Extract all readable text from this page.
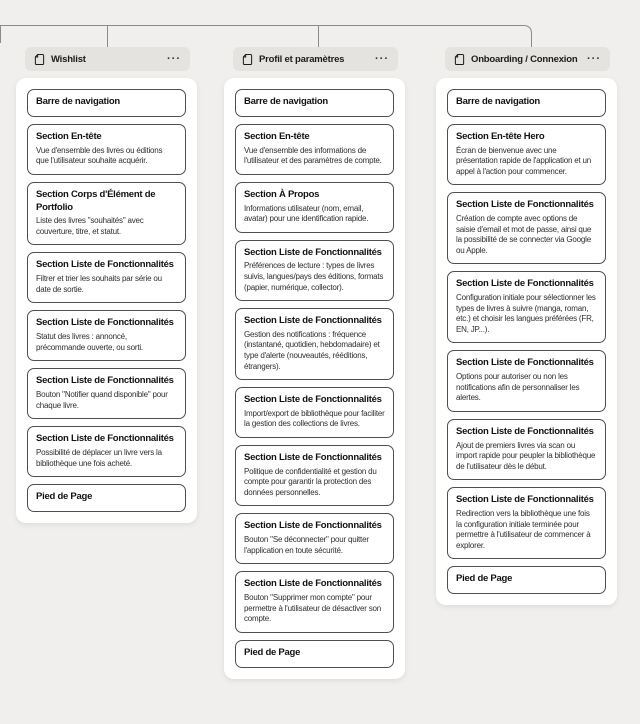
Wishlist	···
Barre de navigation
Section En-tête
Vue d'ensemble des livres ou éditions que l'utilisateur souhaite acquérir.
Section Corps d'Élément de Portfolio
Liste des livres "souhaités" avec couverture, titre, et statut.
Section Liste de Fonctionnalités
Filtrer et trier les souhaits par série ou date de sortie.
Section Liste de Fonctionnalités
Statut des livres : annoncé, précommande ouverte, ou sorti.
Section Liste de Fonctionnalités
Bouton "Notifier quand disponible" pour chaque livre.
Section Liste de Fonctionnalités
Possibilité de déplacer un livre vers la bibliothèque une fois acheté.
Pied de Page
Profil et paramètres	···
Barre de navigation
Section En-tête
Vue d'ensemble des informations de l'utilisateur et des paramètres de compte.
Section À Propos
Informations utilisateur (nom, email, avatar) pour une identification rapide.
Section Liste de Fonctionnalités
Préférences de lecture : types de livres suivis, langues/pays des éditions, formats (papier, numérique, collector).
Section Liste de Fonctionnalités
Gestion des notifications : fréquence (instantané, quotidien, hebdomadaire) et type d'alerte (nouveautés, rééditions, étrangers).
Section Liste de Fonctionnalités
Import/export de bibliothèque pour faciliter la gestion des collections de livres.
Section Liste de Fonctionnalités
Politique de confidentialité et gestion du compte pour garantir la protection des données personnelles.
Section Liste de Fonctionnalités
Bouton "Se déconnecter" pour quitter l'application en toute sécurité.
Section Liste de Fonctionnalités
Bouton "Supprimer mon compte" pour permettre à l'utilisateur de désactiver son compte.
Pied de Page
Onboarding / Connexion ···
Barre de navigation
Section En-tête Hero
Écran de bienvenue avec une présentation rapide de l'application et un appel à l'action pour commencer.
Section Liste de Fonctionnalités
Création de compte avec options de saisie d'email et mot de passe, ainsi que la possibilité de se connecter via Google ou Apple.
Section Liste de Fonctionnalités
Configuration initiale pour sélectionner les types de livres à suivre (manga, roman, etc.) et choisir les langues préférées (FR, EN, JP...).
Section Liste de Fonctionnalités
Options pour autoriser ou non les notifications afin de personnaliser les alertes.
Section Liste de Fonctionnalités
Ajout de premiers livres via scan ou import rapide pour peupler la bibliothèque de l'utilisateur dès le début.
Section Liste de Fonctionnalités
Redirection vers la bibliothèque une fois la configuration initiale terminée pour permettre à l'utilisateur de commencer à explorer.
Pied de Page
